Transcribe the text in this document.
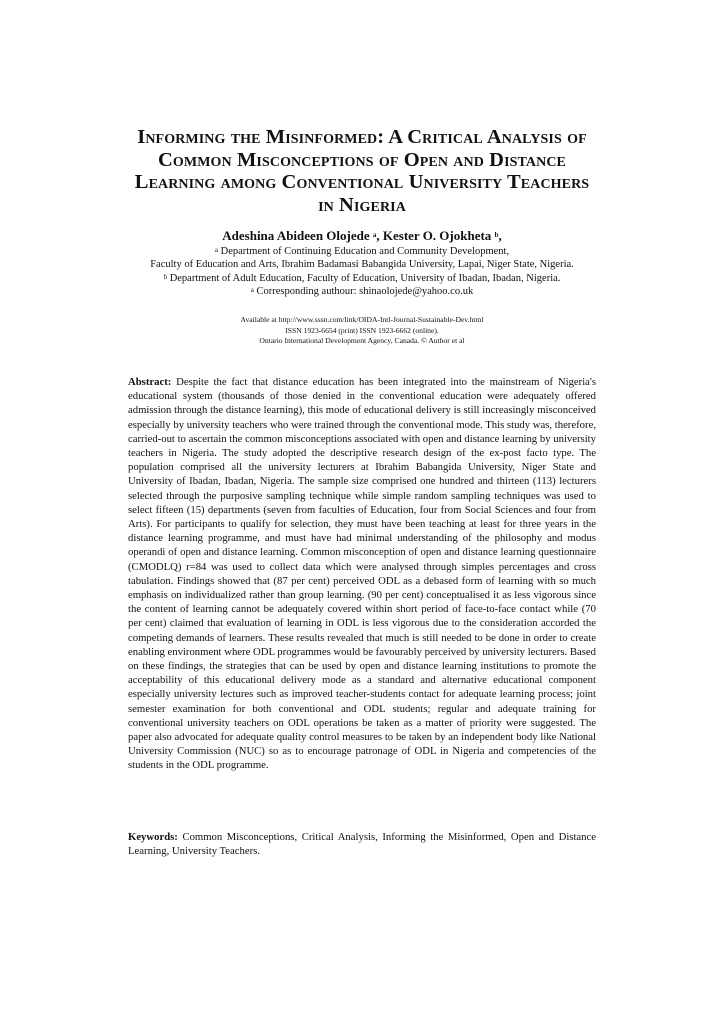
Informing the Misinformed: A Critical Analysis of
Common Misconceptions of Open and Distance
Learning among Conventional University Teachers
in Nigeria
Adeshina Abideen Olojede $^a$, Kester O. Ojokheta $^b$,
$^a$ Department of Continuing Education and Community Development,
Faculty of Education and Arts, Ibrahim Badamasi Babangida University, Lapai, Niger State, Nigeria.
$^b$ Department of Adult Education, Faculty of Education, University of Ibadan, Ibadan, Nigeria.
$^a$ Corresponding authour: shinaolojede@yahoo.co.uk
Available at http://www.sssn.com/link/OIDA-Intl-Journal-Sustainable-Dev.html
ISSN 1923-6654 (print) ISSN 1923-6662 (online).
Ontario International Development Agency, Canada. © Author et al
Abstract: Despite the fact that distance education has been integrated into the mainstream of Nigeria's educational system (thousands of those denied in the conventional education were adequately offered admission through the distance learning), this mode of educational delivery is still increasingly misconceived especially by university teachers who were trained through the conventional mode. This study was, therefore, carried-out to ascertain the common misconceptions associated with open and distance learning by university teachers in Nigeria. The study adopted the descriptive research design of the ex-post facto type. The population comprised all the university lecturers at Ibrahim Babangida University, Niger State and University of Ibadan, Ibadan, Nigeria. The sample size comprised one hundred and thirteen (113) lecturers selected through the purposive sampling technique while simple random sampling techniques was used to select fifteen (15) departments (seven from faculties of Education, four from Social Sciences and four from Arts). For participants to qualify for selection, they must have been teaching at least for three years in the distance learning programme, and must have had minimal understanding of the philosophy and modus operandi of open and distance learning. Common misconception of open and distance learning questionnaire (CMODLQ) r=84 was used to collect data which were analysed through simples percentages and cross tabulation. Findings showed that (87 per cent) perceived ODL as a debased form of learning with so much emphasis on individualized rather than group learning. (90 per cent) conceptualised it as less vigorous since the content of learning cannot be adequately covered within short period of face-to-face contact while (70 per cent) claimed that evaluation of learning in ODL is less vigorous due to the consideration accorded the competing demands of learners. These results revealed that much is still needed to be done in order to create enabling environment where ODL programmes would be favourably perceived by university lecturers. Based on these findings, the strategies that can be used by open and distance learning institutions to promote the acceptability of this educational delivery mode as a standard and alternative educational component especially university lectures such as improved teacher-students contact for adequate learning process; joint semester examination for both conventional and ODL students; regular and adequate training for conventional university teachers on ODL operations be taken as a matter of priority were suggested. The paper also advocated for adequate quality control measures to be taken by an independent body like National University Commission (NUC) so as to encourage patronage of ODL in Nigeria and competencies of the students in the ODL programme.
Keywords: Common Misconceptions, Critical Analysis, Informing the Misinformed, Open and Distance Learning, University Teachers.
